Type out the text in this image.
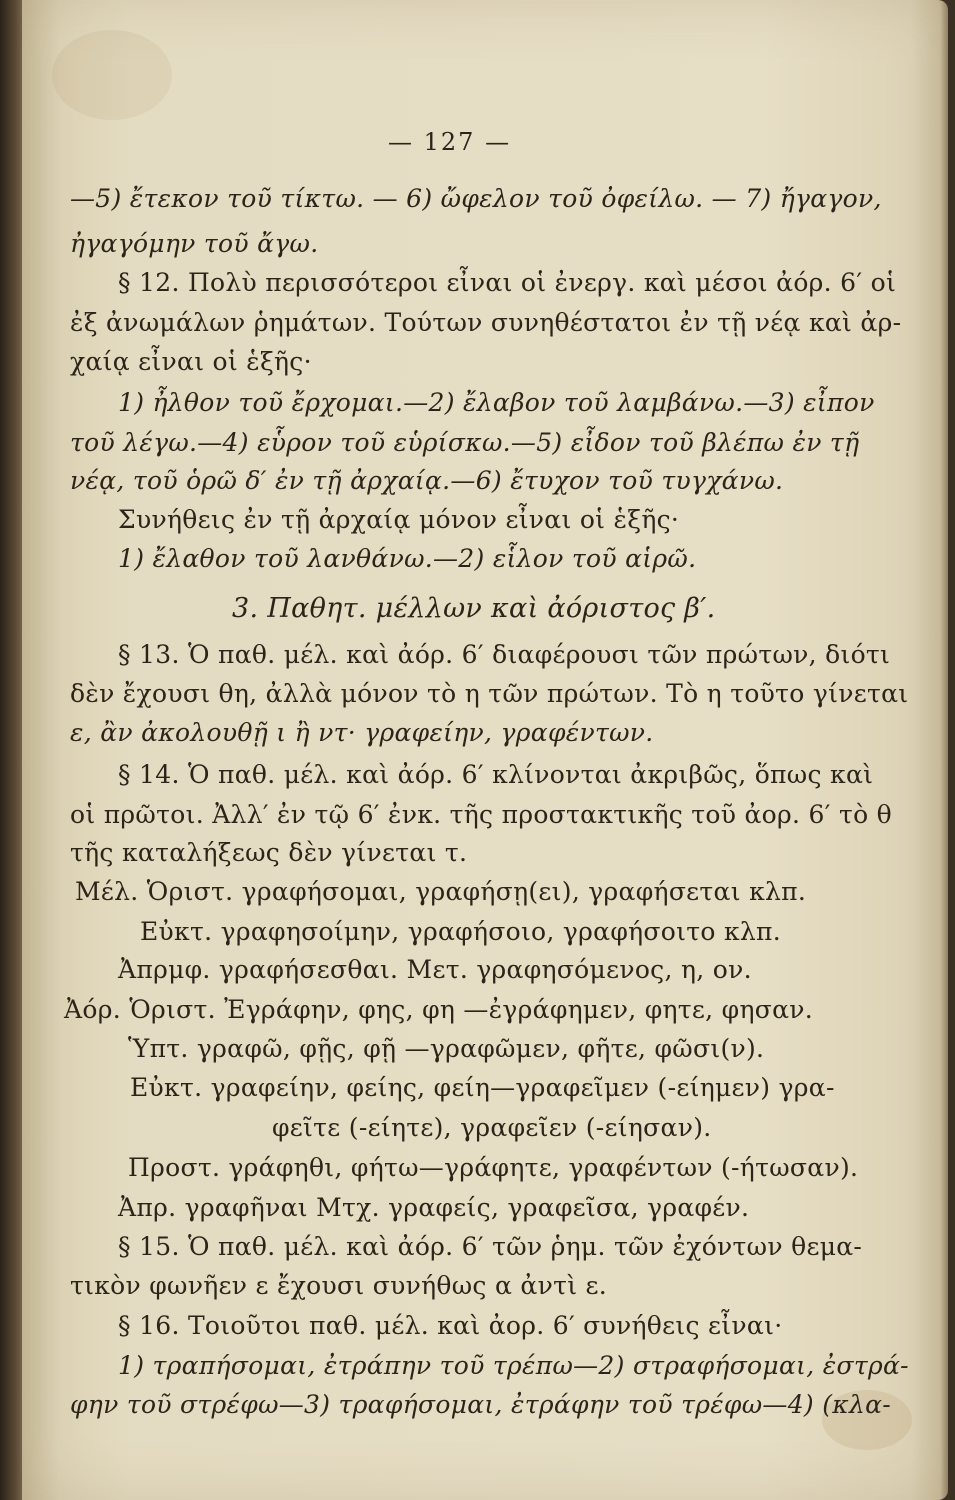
— 127 —
—5) ἔτεκον τοῦ τίκτω. — 6) ὤφελον τοῦ ὀφείλω. — 7) ἤγαγον,
ἠγαγόμην τοῦ ἄγω.
§ 12. Πολὺ περισσότεροι εἶναι οἱ ἐνεργ. καὶ μέσοι ἀόρ. 6′ οἱ
ἐξ ἀνωμάλων ῥημάτων. Τούτων συνηθέστατοι ἐν τῇ νέᾳ καὶ ἀρ-
χαίᾳ εἶναι οἱ ἑξῆς·
1) ἦλθον τοῦ ἔρχομαι.—2) ἔλαβον τοῦ λαμβάνω.—3) εἶπον
τοῦ λέγω.—4) εὗρον τοῦ εὑρίσκω.—5) εἶδον τοῦ βλέπω ἐν τῇ
νέᾳ, τοῦ ὁρῶ δ′ ἐν τῇ ἀρχαίᾳ.—6) ἔτυχον τοῦ τυγχάνω.
Συνήθεις ἐν τῇ ἀρχαίᾳ μόνον εἶναι οἱ ἑξῆς·
1) ἔλαθον τοῦ λανθάνω.—2) εἷλον τοῦ αἱρῶ.
3. Παθητ. μέλλων καὶ ἀόριστος β′.
§ 13. Ὁ παθ. μέλ. καὶ ἀόρ. 6′ διαφέρουσι τῶν πρώτων, διότι
δὲν ἔχουσι θη, ἀλλὰ μόνον τὸ η τῶν πρώτων. Τὸ η τοῦτο γίνεται
ε, ἂν ἀκολουθῇ ι ἢ ντ· γραφείην, γραφέντων.
§ 14. Ὁ παθ. μέλ. καὶ ἀόρ. 6′ κλίνονται ἀκριβῶς, ὅπως καὶ
οἱ πρῶτοι. Ἀλλ′ ἐν τῷ 6′ ἐνκ. τῆς προστακτικῆς τοῦ ἀορ. 6′ τὸ θ
τῆς καταλήξεως δὲν γίνεται τ.
Μέλ. Ὁριστ. γραφήσομαι, γραφήσῃ(ει), γραφήσεται κλπ.
Εὐκτ. γραφησοίμην, γραφήσοιο, γραφήσοιτο κλπ.
Ἀπρμφ. γραφήσεσθαι. Μετ. γραφησόμενος, η, ον.
Ἀόρ. Ὁριστ. Ἐγράφην, φης, φη —ἐγράφημεν, φητε, φησαν.
Ὑπτ. γραφῶ, φῇς, φῇ —γραφῶμεν, φῆτε, φῶσι(ν).
Εὐκτ. γραφείην, φείης, φείη—γραφεῖμεν (-είημεν) γρα-
φεῖτε (-είητε), γραφεῖεν (-είησαν).
Προστ. γράφηθι, φήτω—γράφητε, γραφέντων (-ήτωσαν).
Ἀπρ. γραφῆναι Μτχ. γραφείς, γραφεῖσα, γραφέν.
§ 15. Ὁ παθ. μέλ. καὶ ἀόρ. 6′ τῶν ῥημ. τῶν ἐχόντων θεμα-
τικὸν φωνῆεν ε ἔχουσι συνήθως α ἀντὶ ε.
§ 16. Τοιοῦτοι παθ. μέλ. καὶ ἀορ. 6′ συνήθεις εἶναι·
1) τραπήσομαι, ἐτράπην τοῦ τρέπω—2) στραφήσομαι, ἐστρά-
φην τοῦ στρέφω—3) τραφήσομαι, ἐτράφην τοῦ τρέφω—4) (κλα-
